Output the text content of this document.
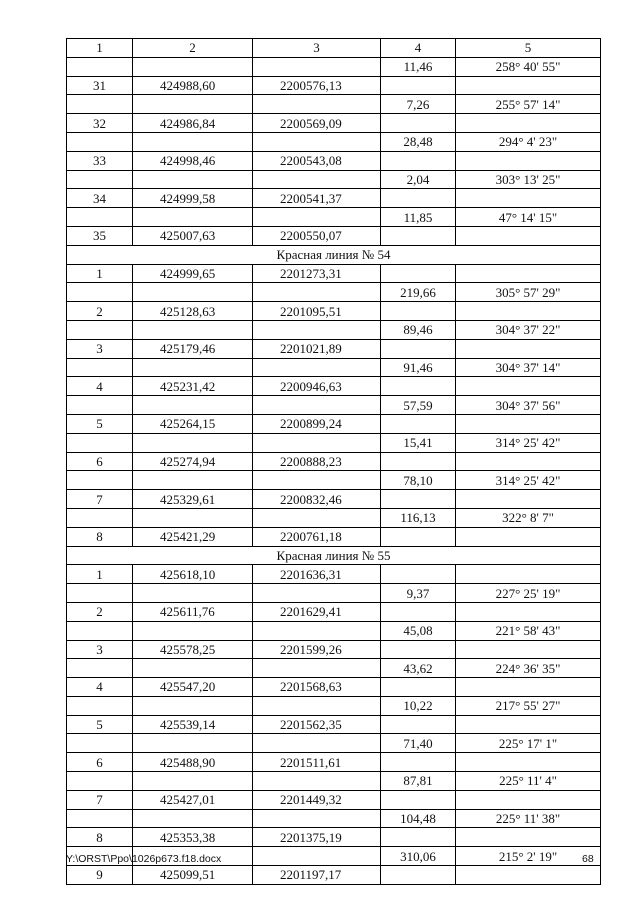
1	2	3	4	5
			11,46	258° 40' 55"
31	424988,60	2200576,13		
			7,26	255° 57' 14"
32	424986,84	2200569,09		
			28,48	294° 4' 23"
33	424998,46	2200543,08		
			2,04	303° 13' 25"
34	424999,58	2200541,37		
			11,85	47° 14' 15"
35	425007,63	2200550,07		
Красная линия № 54				
1	424999,65	2201273,31		
			219,66	305° 57' 29"
2	425128,63	2201095,51		
			89,46	304° 37' 22"
3	425179,46	2201021,89		
			91,46	304° 37' 14"
4	425231,42	2200946,63		
			57,59	304° 37' 56"
5	425264,15	2200899,24		
			15,41	314° 25' 42"
6	425274,94	2200888,23		
			78,10	314° 25' 42"
7	425329,61	2200832,46		
			116,13	322° 8' 7"
8	425421,29	2200761,18		
Красная линия № 55				
1	425618,10	2201636,31		
			9,37	227° 25' 19"
2	425611,76	2201629,41		
			45,08	221° 58' 43"
3	425578,25	2201599,26		
			43,62	224° 36' 35"
4	425547,20	2201568,63		
			10,22	217° 55' 27"
5	425539,14	2201562,35		
			71,40	225° 17' 1"
6	425488,90	2201511,61		
			87,81	225° 11' 4"
7	425427,01	2201449,32		
			104,48	225° 11' 38"
8	425353,38	2201375,19		
			310,06	215° 2' 19"
9	425099,51	2201197,17		
Y:\ORST\Ppo\1026p673.f18.docx	68
